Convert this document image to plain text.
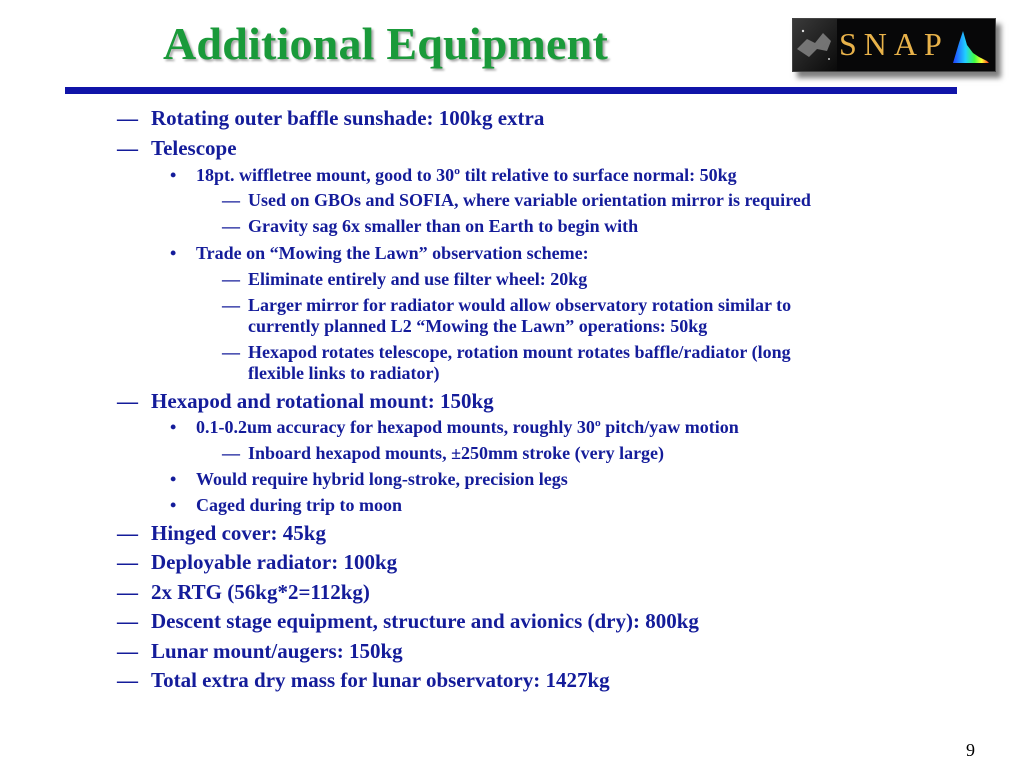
Additional Equipment	SNAP
— Rotating outer baffle sunshade: 100kg extra
— Telescope
• 18pt. wiffletree mount, good to 30º tilt relative to surface normal: 50kg
— Used on GBOs and SOFIA, where variable orientation mirror is required
— Gravity sag 6x smaller than on Earth to begin with
• Trade on “Mowing the Lawn” observation scheme:
— Eliminate entirely and use filter wheel: 20kg
— Larger mirror for radiator would allow observatory rotation similar to
currently planned L2 “Mowing the Lawn” operations: 50kg
— Hexapod rotates telescope, rotation mount rotates baffle/radiator (long
flexible links to radiator)
— Hexapod and rotational mount: 150kg
• 0.1-0.2um accuracy for hexapod mounts, roughly 30º pitch/yaw motion
— Inboard hexapod mounts, ±250mm stroke (very large)
• Would require hybrid long-stroke, precision legs
• Caged during trip to moon
— Hinged cover: 45kg
— Deployable radiator: 100kg
— 2x RTG (56kg*2=112kg)
— Descent stage equipment, structure and avionics (dry): 800kg
— Lunar mount/augers: 150kg
— Total extra dry mass for lunar observatory: 1427kg
9
